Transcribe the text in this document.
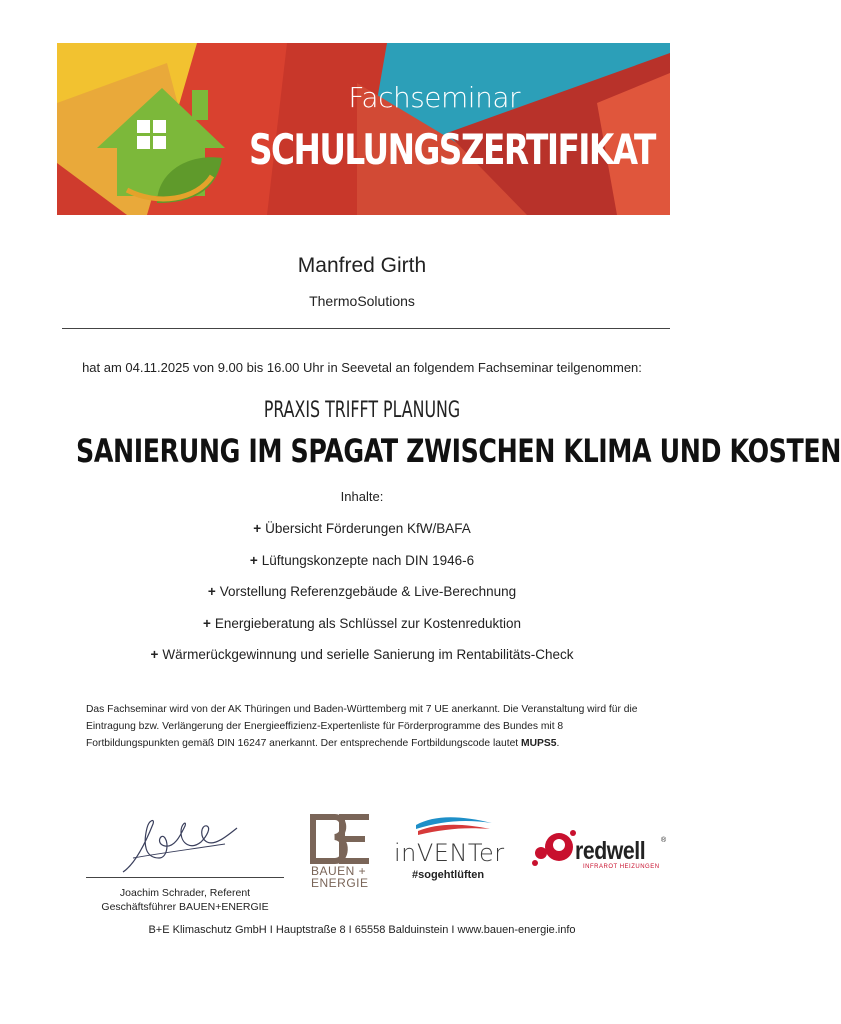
Fachseminar
SCHULUNGSZERTIFIKAT
Manfred Girth
ThermoSolutions
hat am 04.11.2025 von 9.00 bis 16.00 Uhr in Seevetal an folgendem Fachseminar teilgenommen:
PRAXIS TRIFFT PLANUNG
SANIERUNG IM SPAGAT ZWISCHEN KLIMA UND KOSTEN
Inhalte:
+ Übersicht Förderungen KfW/BAFA
+ Lüftungskonzepte nach DIN 1946-6
+ Vorstellung Referenzgebäude & Live-Berechnung
+ Energieberatung als Schlüssel zur Kostenreduktion
+ Wärmerückgewinnung und serielle Sanierung im Rentabilitäts-Check
Das Fachseminar wird von der AK Thüringen und Baden-Württemberg mit 7 UE anerkannt. Die Veranstaltung wird für die Eintragung bzw. Verlängerung der Energieeffizienz-Expertenliste für Förderprogramme des Bundes mit 8 Fortbildungspunkten gemäß DIN 16247 anerkannt. Der entsprechende Fortbildungscode lautet MUPS5.
Joachim Schrader, Referent
Geschäftsführer BAUEN+ENERGIE
BAUEN +
ENERGIE
inVENTer
#sogehtlüften
redwell ®
INFRAROT HEIZUNGEN
B+E Klimaschutz GmbH I Hauptstraße 8 I 65558 Balduinstein I www.bauen-energie.info
